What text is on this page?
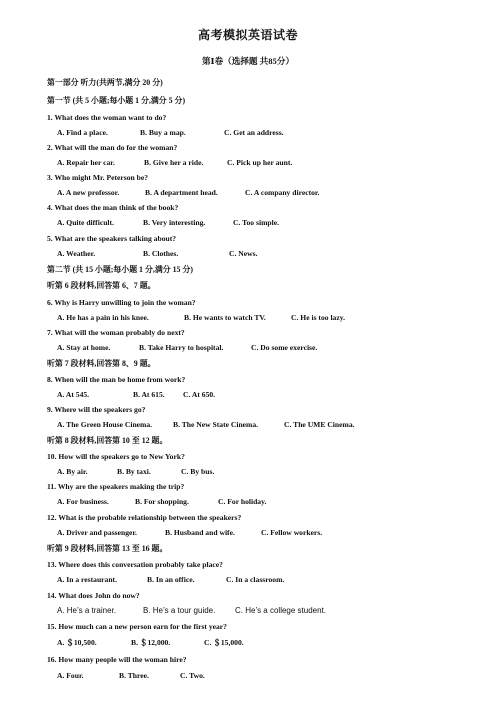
高考模拟英语试卷
第Ⅰ卷（选择题 共85分）
第一部分 听力(共两节,满分 20 分)
第一节 (共 5 小题;每小题 1 分,满分 5 分)
1. What does the woman want to do?
A. Find a place.	B. Buy a map.	C. Get an address.
2. What will the man do for the woman?
A. Repair her car.	B. Give her a ride.	C. Pick up her aunt.
3. Who might Mr. Peterson be?
A. A new professor.	B. A department head.	C. A company director.
4. What does the man think of the book?
A. Quite difficult.	B. Very interesting.	C. Too simple.
5. What are the speakers talking about?
A. Weather.	B. Clothes.	C. News.
第二节 (共 15 小题;每小题 1 分,满分 15 分)
听第 6 段材料,回答第 6、7 题。
6. Why is Harry unwilling to join the woman?
A. He has a pain in his knee.	B. He wants to watch TV.	C. He is too lazy.
7. What will the woman probably do next?
A. Stay at home.	B. Take Harry to hospital.	C. Do some exercise.
听第 7 段材料,回答第 8、9 题。
8. When will the man be home from work?
A. At 545.	B. At 615. C. At 650.
9. Where will the speakers go?
A. The Green House Cinema.	B. The New State Cinema.	C. The UME Cinema.
听第 8 段材料,回答第 10 至 12 题。
10. How will the speakers go to New York?
A. By air.	B. By taxi.	C. By bus.
11. Why are the speakers making the trip?
A. For business.	B. For shopping.	C. For holiday.
12. What is the probable relationship between the speakers?
A. Driver and passenger.	B. Husband and wife.	C. Fellow workers.
听第 9 段材料,回答第 13 至 16 题。
13. Where does this conversation probably take place?
A. In a restaurant.	B. In an office.	C. In a classroom.
14. What does John do now?
A. He’s a trainer.	B. He’s a tour guide. C. He’s a college student.
15. How much can a new person earn for the first year?
A. ＄10,500.	B. ＄12,000.	C. ＄15,000.
16. How many people will the woman hire?
A. Four.	B. Three.	C. Two.
